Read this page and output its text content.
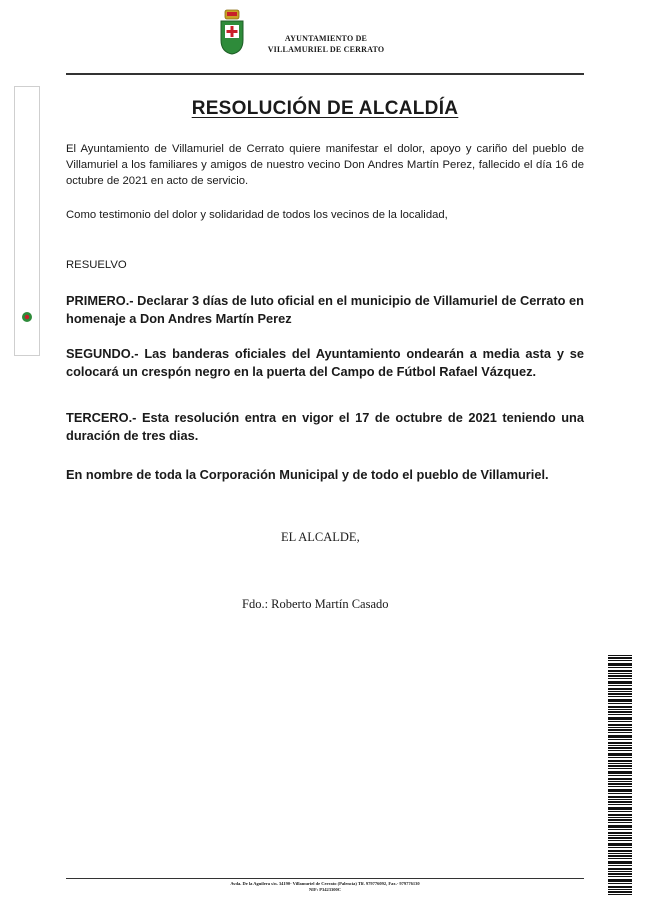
AYUNTAMIENTO DE
VILLAMURIEL DE CERRATO
RESOLUCIÓN DE ALCALDÍA

El Ayuntamiento de Villamuriel de Cerrato quiere manifestar el dolor, apoyo y cariño del pueblo de Villamuriel a los familiares y amigos de nuestro vecino Don Andres Martín Perez, fallecido el día 16 de octubre de 2021 en acto de servicio.

Como testimonio del dolor y solidaridad de todos los vecinos de la localidad,

RESUELVO

PRIMERO.- Declarar 3 días de luto oficial en el municipio de Villamuriel de Cerrato en homenaje a Don Andres Martín Perez

SEGUNDO.- Las banderas oficiales del Ayuntamiento ondearán a media asta y se colocará un crespón negro en la puerta del Campo de Fútbol Rafael Vázquez.

TERCERO.- Esta resolución entra en vigor el 17 de octubre de 2021 teniendo una duración de tres dias.

En nombre de toda la Corporación Municipal y de todo el pueblo de Villamuriel.

EL ALCALDE,
Fdo.: Roberto Martín Casado
Avda. De la Aguilera s/n. 34190- Villamuriel de Cerrato (Palencia) Tlf. 979776092, Fax.- 979776130
NIF: P3423300C
